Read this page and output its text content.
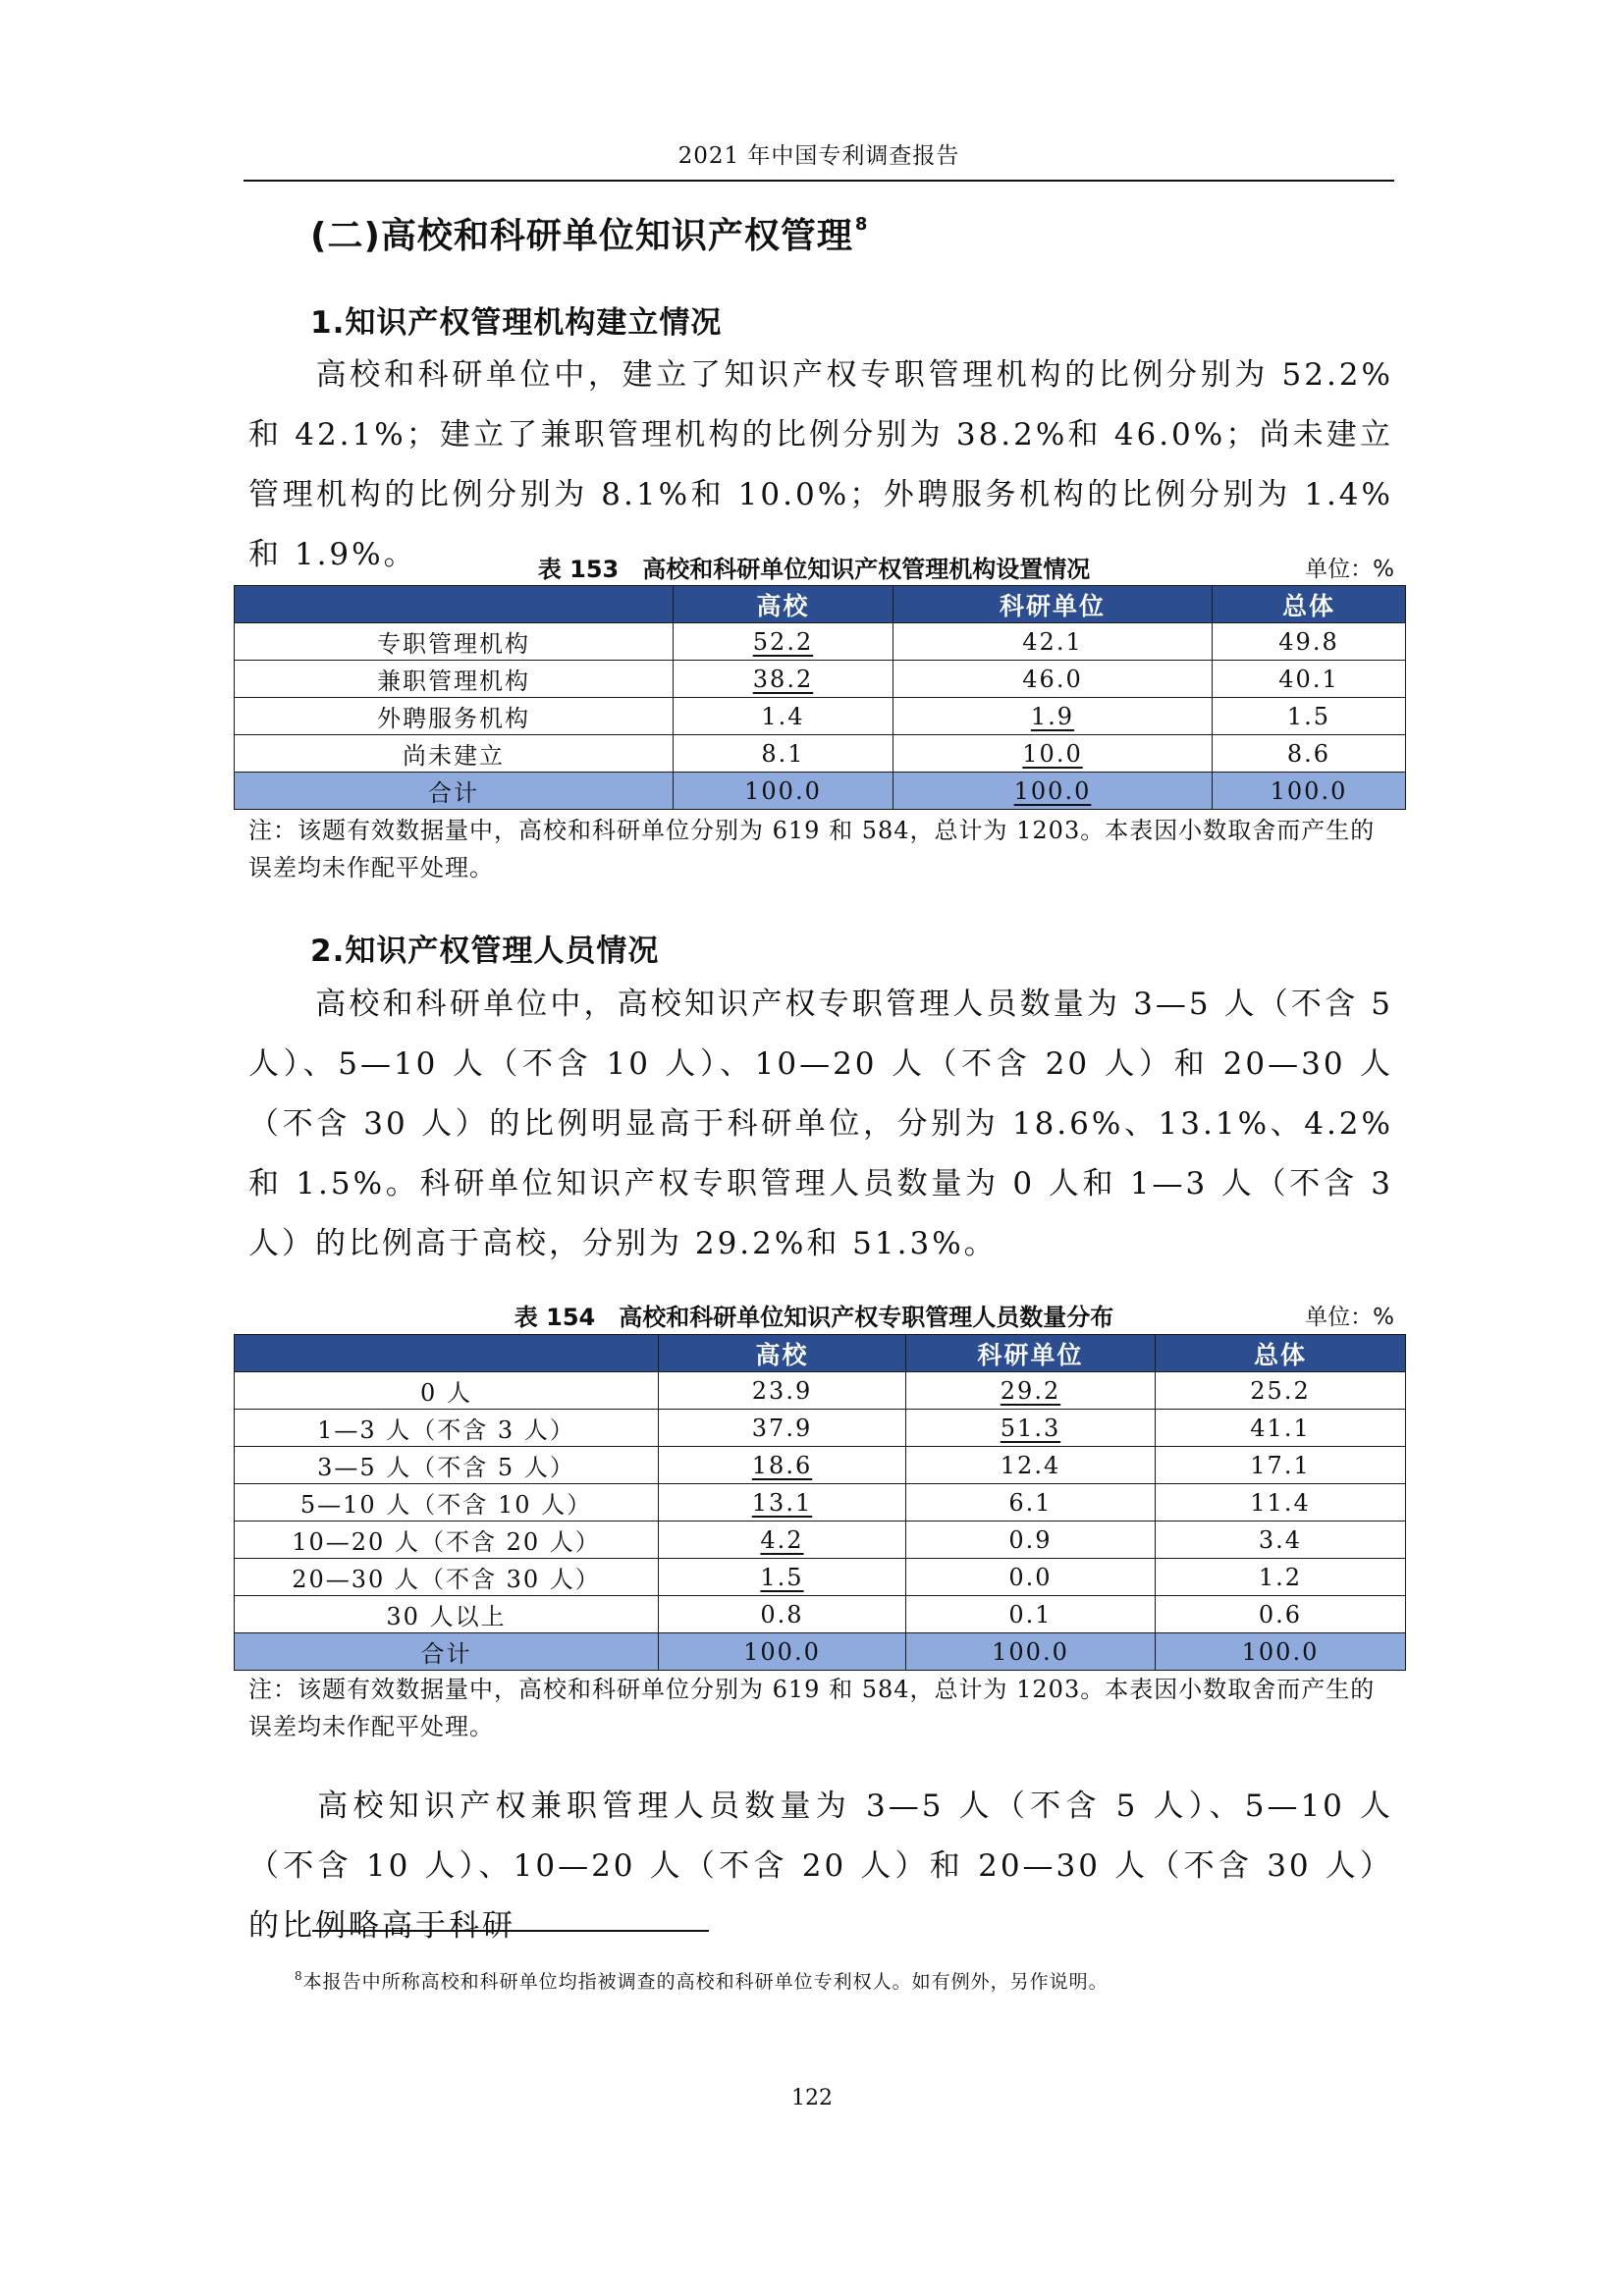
2021 年中国专利调查报告
(二)高校和科研单位知识产权管理 $^8$
1.知识产权管理机构建立情况
高校和科研单位中，建立了知识产权专职管理机构的比例分别为 52.2%和 42.1%；建立了兼职管理机构的比例分别为 38.2%和 46.0%；尚未建立管理机构的比例分别为 8.1%和 10.0%；外聘服务机构的比例分别为 1.4%和 1.9%。	表 153　高校和科研单位知识产权管理机构设置情况	单位：%
	高校	科研单位	总体
专职管理机构	52.2	42.1	49.8
兼职管理机构	38.2	46.0	40.1
外聘服务机构	1.4	1.9	1.5
尚未建立	8.1	10.0	8.6
合计	100.0	100.0	100.0
注：该题有效数据量中，高校和科研单位分别为 619 和 584，总计为 1203。本表因小数取舍而产生的误差均未作配平处理。
2.知识产权管理人员情况
高校和科研单位中，高校知识产权专职管理人员数量为 3—5 人（不含 5 人）、5—10 人（不含 10 人）、10—20 人（不含 20 人）和 20—30 人（不含 30 人）的比例明显高于科研单位，分别为 18.6%、13.1%、4.2%和 1.5%。科研单位知识产权专职管理人员数量为 0 人和 1—3 人（不含 3 人）的比例高于高校，分别为 29.2%和 51.3%。
表 154　高校和科研单位知识产权专职管理人员数量分布	单位：%
	高校	科研单位	总体
0 人	23.9	29.2	25.2
1—3 人（不含 3 人）	37.9	51.3	41.1
3—5 人（不含 5 人）	18.6	12.4	17.1
5—10 人（不含 10 人）	13.1	6.1	11.4
10—20 人（不含 20 人）	4.2	0.9	3.4
20—30 人（不含 30 人）	1.5	0.0	1.2
30 人以上	0.8	0.1	0.6
合计	100.0	100.0	100.0
注：该题有效数据量中，高校和科研单位分别为 619 和 584，总计为 1203。本表因小数取舍而产生的误差均未作配平处理。
高校知识产权兼职管理人员数量为 3—5 人（不含 5 人）、5—10 人（不含 10 人）、10—20 人（不含 20 人）和 20—30 人（不含 30 人）的比例略高于科研
$^8$本报告中所称高校和科研单位均指被调查的高校和科研单位专利权人。如有例外，另作说明。
122
